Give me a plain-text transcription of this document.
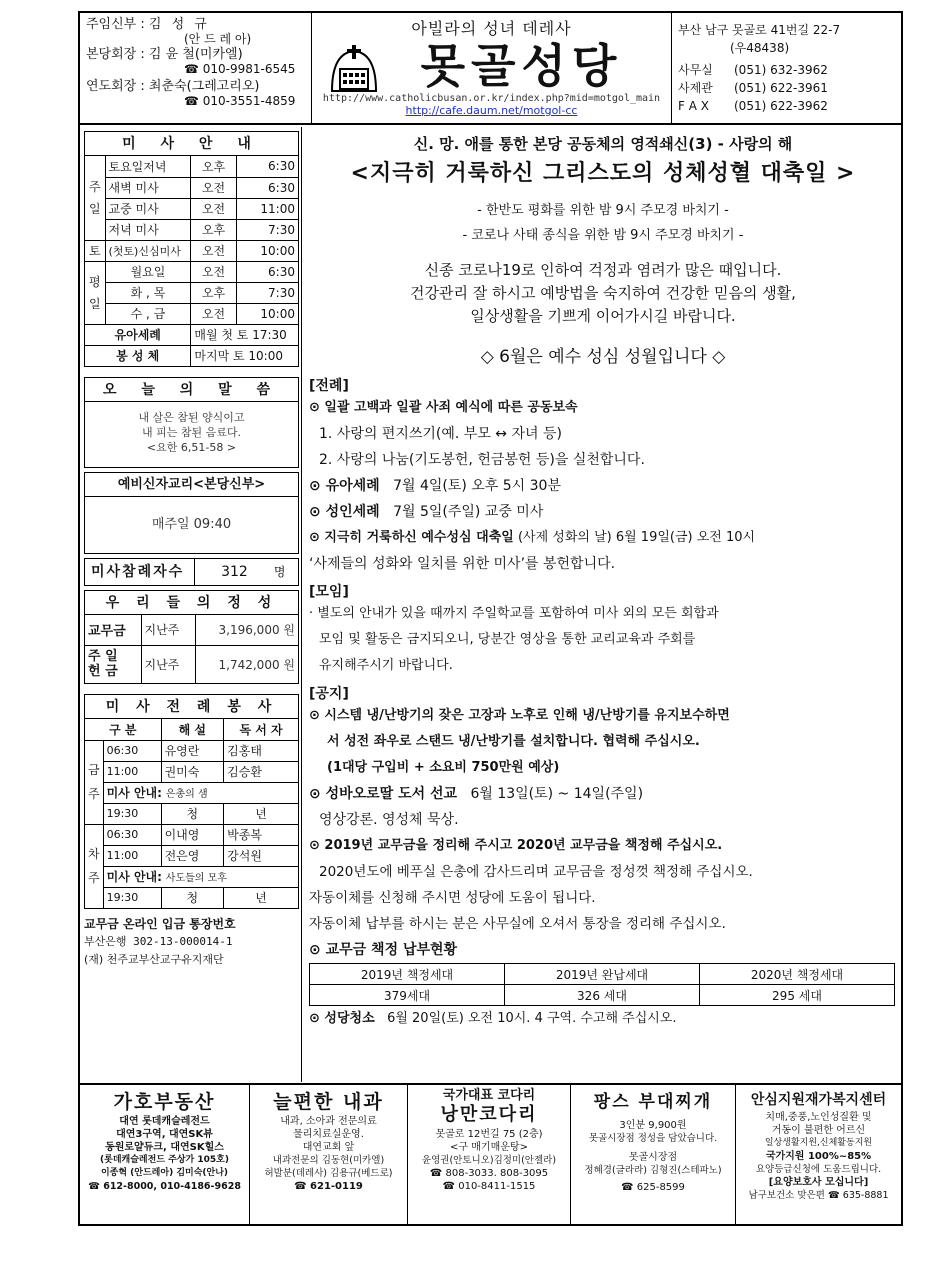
주임신부 : 김 성 규
(안 드 레 아)
본당회장 : 김 윤 철(미카엘)
☎ 010-9981-6545
연도회장 : 최춘숙(그레고리오)
☎ 010-3551-4859
아빌라의 성녀 데레사
못골성당
http://www.catholicbusan.or.kr/index.php?mid=motgol_main
http://cafe.daum.net/motgol-cc
부산 남구 못골로 41번길 22-7
(우48438)
사무실 (051) 632-3962
사제관 (051) 622-3961
F A X (051) 622-3962
미 사 안 내
주일	토요일저녁	오후	6:30
	새벽 미사	오전	6:30
	교중 미사	오전	11:00
	저녁 미사	오후	7:30
토	(첫토)신심미사	오전	10:00
평일	월요일	오전	6:30
	화 , 목	오후	7:30
	수 , 금	오전	10:00
유아세례		매월 첫 토 17:30	
봉 성 체		마지막 토 10:00	
오 늘 의 말 씀
내 살은 참된 양식이고
내 피는 참된 음료다.
<요한 6,51-58 >
예비신자교리<본당신부>
매주일 09:40
미사참례자수	312 명
우 리 들 의 정 성
교무금	지난주	3,196,000 원
주 일
헌 금	지난주	1,742,000 원
미 사 전 례 봉 사
구 분		해 설	독 서 자
금주	06:30	유영란	김홍태
	11:00	권미숙	김승환
	미사 안내: 은총의 샘		
	19:30	청	년
차주	06:30	이내영	박종복
	11:00	전은영	강석원
	미사 안내: 사도들의 모후		
	19:30	청	년
교무금 온라인 입금 통장번호
부산은행 302-13-000014-1
(재) 천주교부산교구유지재단
신. 망. 애를 통한 본당 공동체의 영적쇄신(3) - 사랑의 해
<지극히 거룩하신 그리스도의 성체성혈 대축일 >
- 한반도 평화를 위한 밤 9시 주모경 바치기 -
- 코로나 사태 종식을 위한 밤 9시 주모경 바치기 -
신종 코로나19로 인하여 걱정과 염려가 많은 때입니다.
건강관리 잘 하시고 예방법을 숙지하여 건강한 믿음의 생활,
일상생활을 기쁘게 이어가시길 바랍니다.
◇ 6월은 예수 성심 성월입니다 ◇
[전례]
⊙ 일괄 고백과 일괄 사죄 예식에 따른 공동보속
1. 사랑의 편지쓰기(예. 부모 ↔ 자녀 등)
2. 사랑의 나눔(기도봉헌, 헌금봉헌 등)을 실천합니다.
⊙ 유아세례 7월 4일(토) 오후 5시 30분
⊙ 성인세례 7월 5일(주일) 교중 미사
⊙ 지극히 거룩하신 예수성심 대축일 (사제 성화의 날) 6월 19일(금) 오전 10시
‘사제들의 성화와 일치를 위한 미사’를 봉헌합니다.
[모임]
· 별도의 안내가 있을 때까지 주일학교를 포함하여 미사 외의 모든 회합과
모임 및 활동은 금지되오니, 당분간 영상을 통한 교리교육과 주회를
유지해주시기 바랍니다.
[공지]
⊙ 시스템 냉/난방기의 잦은 고장과 노후로 인해 냉/난방기를 유지보수하면
서 성전 좌우로 스탠드 냉/난방기를 설치합니다. 협력해 주십시오.
(1대당 구입비 + 소요비 750만원 예상)
⊙ 성바오로딸 도서 선교 6월 13일(토) ~ 14일(주일)
영상강론. 영성체 묵상.
⊙ 2019년 교무금을 정리해 주시고 2020년 교무금을 책정해 주십시오.
2020년도에 베푸실 은총에 감사드리며 교무금을 정성껏 책정해 주십시오.
자동이체를 신청해 주시면 성당에 도움이 됩니다.
자동이체 납부를 하시는 분은 사무실에 오셔서 통장을 정리해 주십시오.
⊙ 교무금 책정 납부현황
2019년 책정세대	2019년 완납세대	2020년 책정세대
379세대	326 세대	295 세대
⊙ 성당청소 6월 20일(토) 오전 10시. 4 구역. 수고해 주십시오.
가호부동산
대연 롯데캐슬레전드
대연3구역, 대연SK뷰
동원로얄듀크, 대연SK힐스
(롯데캐슬레전드 주상가 105호)
이종혁 (안드레아) 김미숙(안나)
☎ 612-8000, 010-4186-9628
늘편한 내과
내과, 소아과 전문의료
물리치료실운영.
대연교회 앞
내과전문의 김동현(미카엘)
허발분(데레사) 김용규(베드로)
☎ 621-0119
국가대표 코다리
낭만코다리
못골로 12번길 75 (2층)
<구 매기매운탕>
윤영권(안토니오)김정미(안젤라)
☎ 808-3033. 808-3095
☎ 010-8411-1515
팡스 부대찌개
3인분 9,900원
못골시장점 정성을 담았습니다.
못골시장점
정혜경(글라라) 김형진(스테파노)
☎ 625-8599
안심지원재가복지센터
치매,중풍,노인성질환 및
거동이 불편한 어르신
일상생활지원,신체활동지원
국가지원 100%~85%
요양등급신청에 도움드립니다.
[요양보호사 모십니다]
남구보건소 맞은편 ☎ 635-8881
